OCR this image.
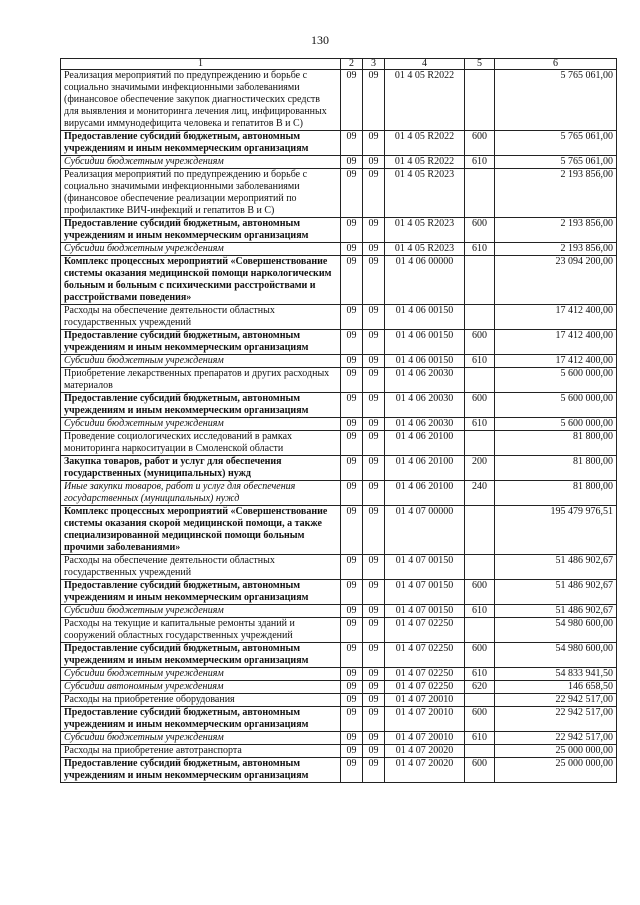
130
1	2	3	4	5	6
Реализация мероприятий по предупреждению и борьбе с социально значимыми инфекционными заболеваниями (финансовое обеспечение закупок диагностических средств для выявления и мониторинга лечения лиц, инфицированных вирусами иммунодефицита человека и гепатитов B и C)	09	09	01 4 05 R2022		5 765 061,00
Предоставление субсидий бюджетным, автономным учреждениям и иным некоммерческим организациям	09	09	01 4 05 R2022	600	5 765 061,00
Субсидии бюджетным учреждениям	09	09	01 4 05 R2022	610	5 765 061,00
Реализация мероприятий по предупреждению и борьбе с социально значимыми инфекционными заболеваниями (финансовое обеспечение реализации мероприятий по профилактике ВИЧ-инфекций и гепатитов B и C)	09	09	01 4 05 R2023		2 193 856,00
Предоставление субсидий бюджетным, автономным учреждениям и иным некоммерческим организациям	09	09	01 4 05 R2023	600	2 193 856,00
Субсидии бюджетным учреждениям	09	09	01 4 05 R2023	610	2 193 856,00
Комплекс процессных мероприятий «Совершенствование системы оказания медицинской помощи наркологическим больным и больным с психическими расстройствами и расстройствами поведения»	09	09	01 4 06 00000		23 094 200,00
Расходы на обеспечение деятельности областных государственных учреждений	09	09	01 4 06 00150		17 412 400,00
Предоставление субсидий бюджетным, автономным учреждениям и иным некоммерческим организациям	09	09	01 4 06 00150	600	17 412 400,00
Субсидии бюджетным учреждениям	09	09	01 4 06 00150	610	17 412 400,00
Приобретение лекарственных препаратов и других расходных материалов	09	09	01 4 06 20030		5 600 000,00
Предоставление субсидий бюджетным, автономным учреждениям и иным некоммерческим организациям	09	09	01 4 06 20030	600	5 600 000,00
Субсидии бюджетным учреждениям	09	09	01 4 06 20030	610	5 600 000,00
Проведение социологических исследований в рамках мониторинга наркоситуации в Смоленской области	09	09	01 4 06 20100		81 800,00
Закупка товаров, работ и услуг для обеспечения государственных (муниципальных) нужд	09	09	01 4 06 20100	200	81 800,00
Иные закупки товаров, работ и услуг для обеспечения государственных (муниципальных) нужд	09	09	01 4 06 20100	240	81 800,00
Комплекс процессных мероприятий «Совершенствование системы оказания скорой медицинской помощи, а также специализированной медицинской помощи больным прочими заболеваниями»	09	09	01 4 07 00000		195 479 976,51
Расходы на обеспечение деятельности областных государственных учреждений	09	09	01 4 07 00150		51 486 902,67
Предоставление субсидий бюджетным, автономным учреждениям и иным некоммерческим организациям	09	09	01 4 07 00150	600	51 486 902,67
Субсидии бюджетным учреждениям	09	09	01 4 07 00150	610	51 486 902,67
Расходы на текущие и капитальные ремонты зданий и сооружений областных государственных учреждений	09	09	01 4 07 02250		54 980 600,00
Предоставление субсидий бюджетным, автономным учреждениям и иным некоммерческим организациям	09	09	01 4 07 02250	600	54 980 600,00
Субсидии бюджетным учреждениям	09	09	01 4 07 02250	610	54 833 941,50
Субсидии автономным учреждениям	09	09	01 4 07 02250	620	146 658,50
Расходы на приобретение оборудования	09	09	01 4 07 20010		22 942 517,00
Предоставление субсидий бюджетным, автономным учреждениям и иным некоммерческим организациям	09	09	01 4 07 20010	600	22 942 517,00
Субсидии бюджетным учреждениям	09	09	01 4 07 20010	610	22 942 517,00
Расходы на приобретение автотранспорта	09	09	01 4 07 20020		25 000 000,00
Предоставление субсидий бюджетным, автономным учреждениям и иным некоммерческим организациям	09	09	01 4 07 20020	600	25 000 000,00
